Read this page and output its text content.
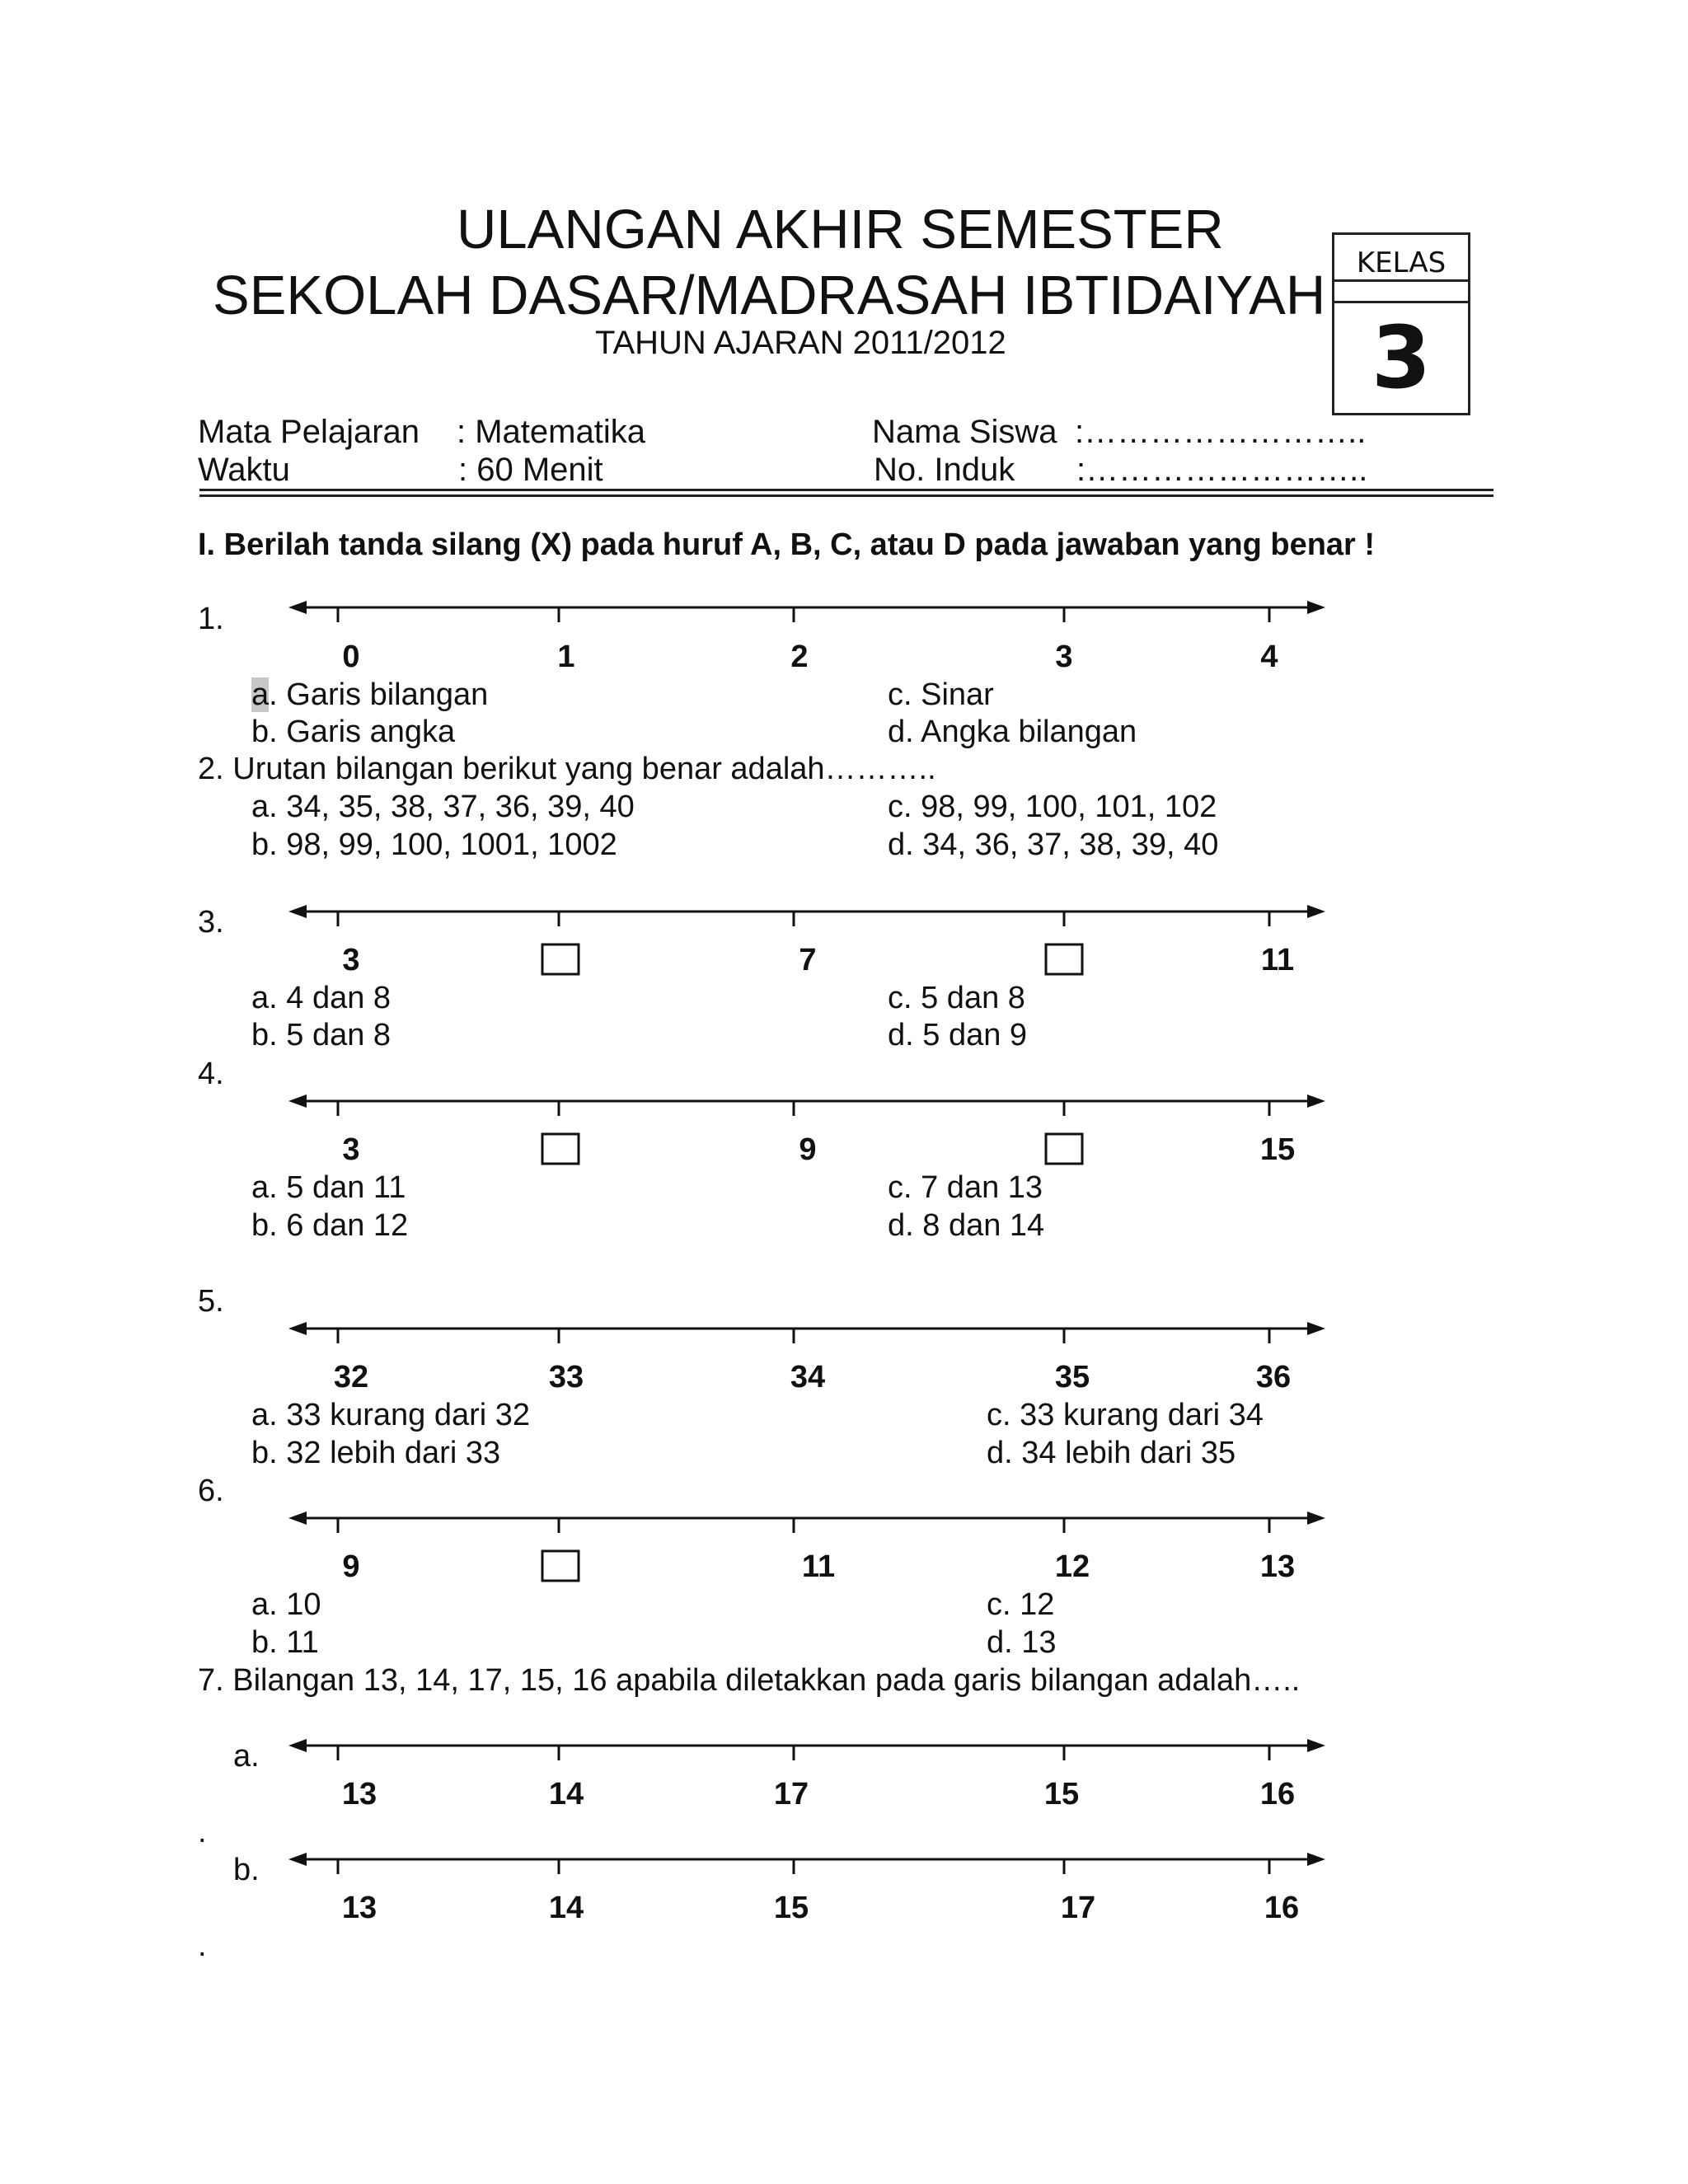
ULANGAN AKHIR SEMESTER
SEKOLAH DASAR/MADRASAH IBTIDAIYAH
TAHUN AJARAN 2011/2012
KELAS
3
Mata Pelajaran : Matematika
Waktu	: 60 Menit
Nama Siswa :……………………..
No. Induk :……………………..
I. Berilah tanda silang (X) pada huruf A, B, C, atau D pada jawaban yang benar !
1.
a. Garis bilangan
b. Garis angka
c. Sinar
d. Angka bilangan
2. Urutan bilangan berikut yang benar adalah………..
a. 34, 35, 38, 37, 36, 39, 40
b. 98, 99, 100, 1001, 1002
c. 98, 99, 100, 101, 102
d. 34, 36, 37, 38, 39, 40
3.
a. 4 dan 8
b. 5 dan 8
c. 5 dan 8
d. 5 dan 9
4.
a. 5 dan 11
b. 6 dan 12
c. 7 dan 13
d. 8 dan 14
5.
a. 33 kurang dari 32
b. 32 lebih dari 33
c. 33 kurang dari 34
d. 34 lebih dari 35
6.
a. 10
b. 11
c. 12
d. 13
7. Bilangan 13, 14, 17, 15, 16 apabila diletakkan pada garis bilangan adalah…..
a.
.
b.
.
0	1	2	3	4
3	7	11
3	9	15
32	33	34	35	36
9	11	12	13
13	14	17	15	16
13	14	15	17	16
